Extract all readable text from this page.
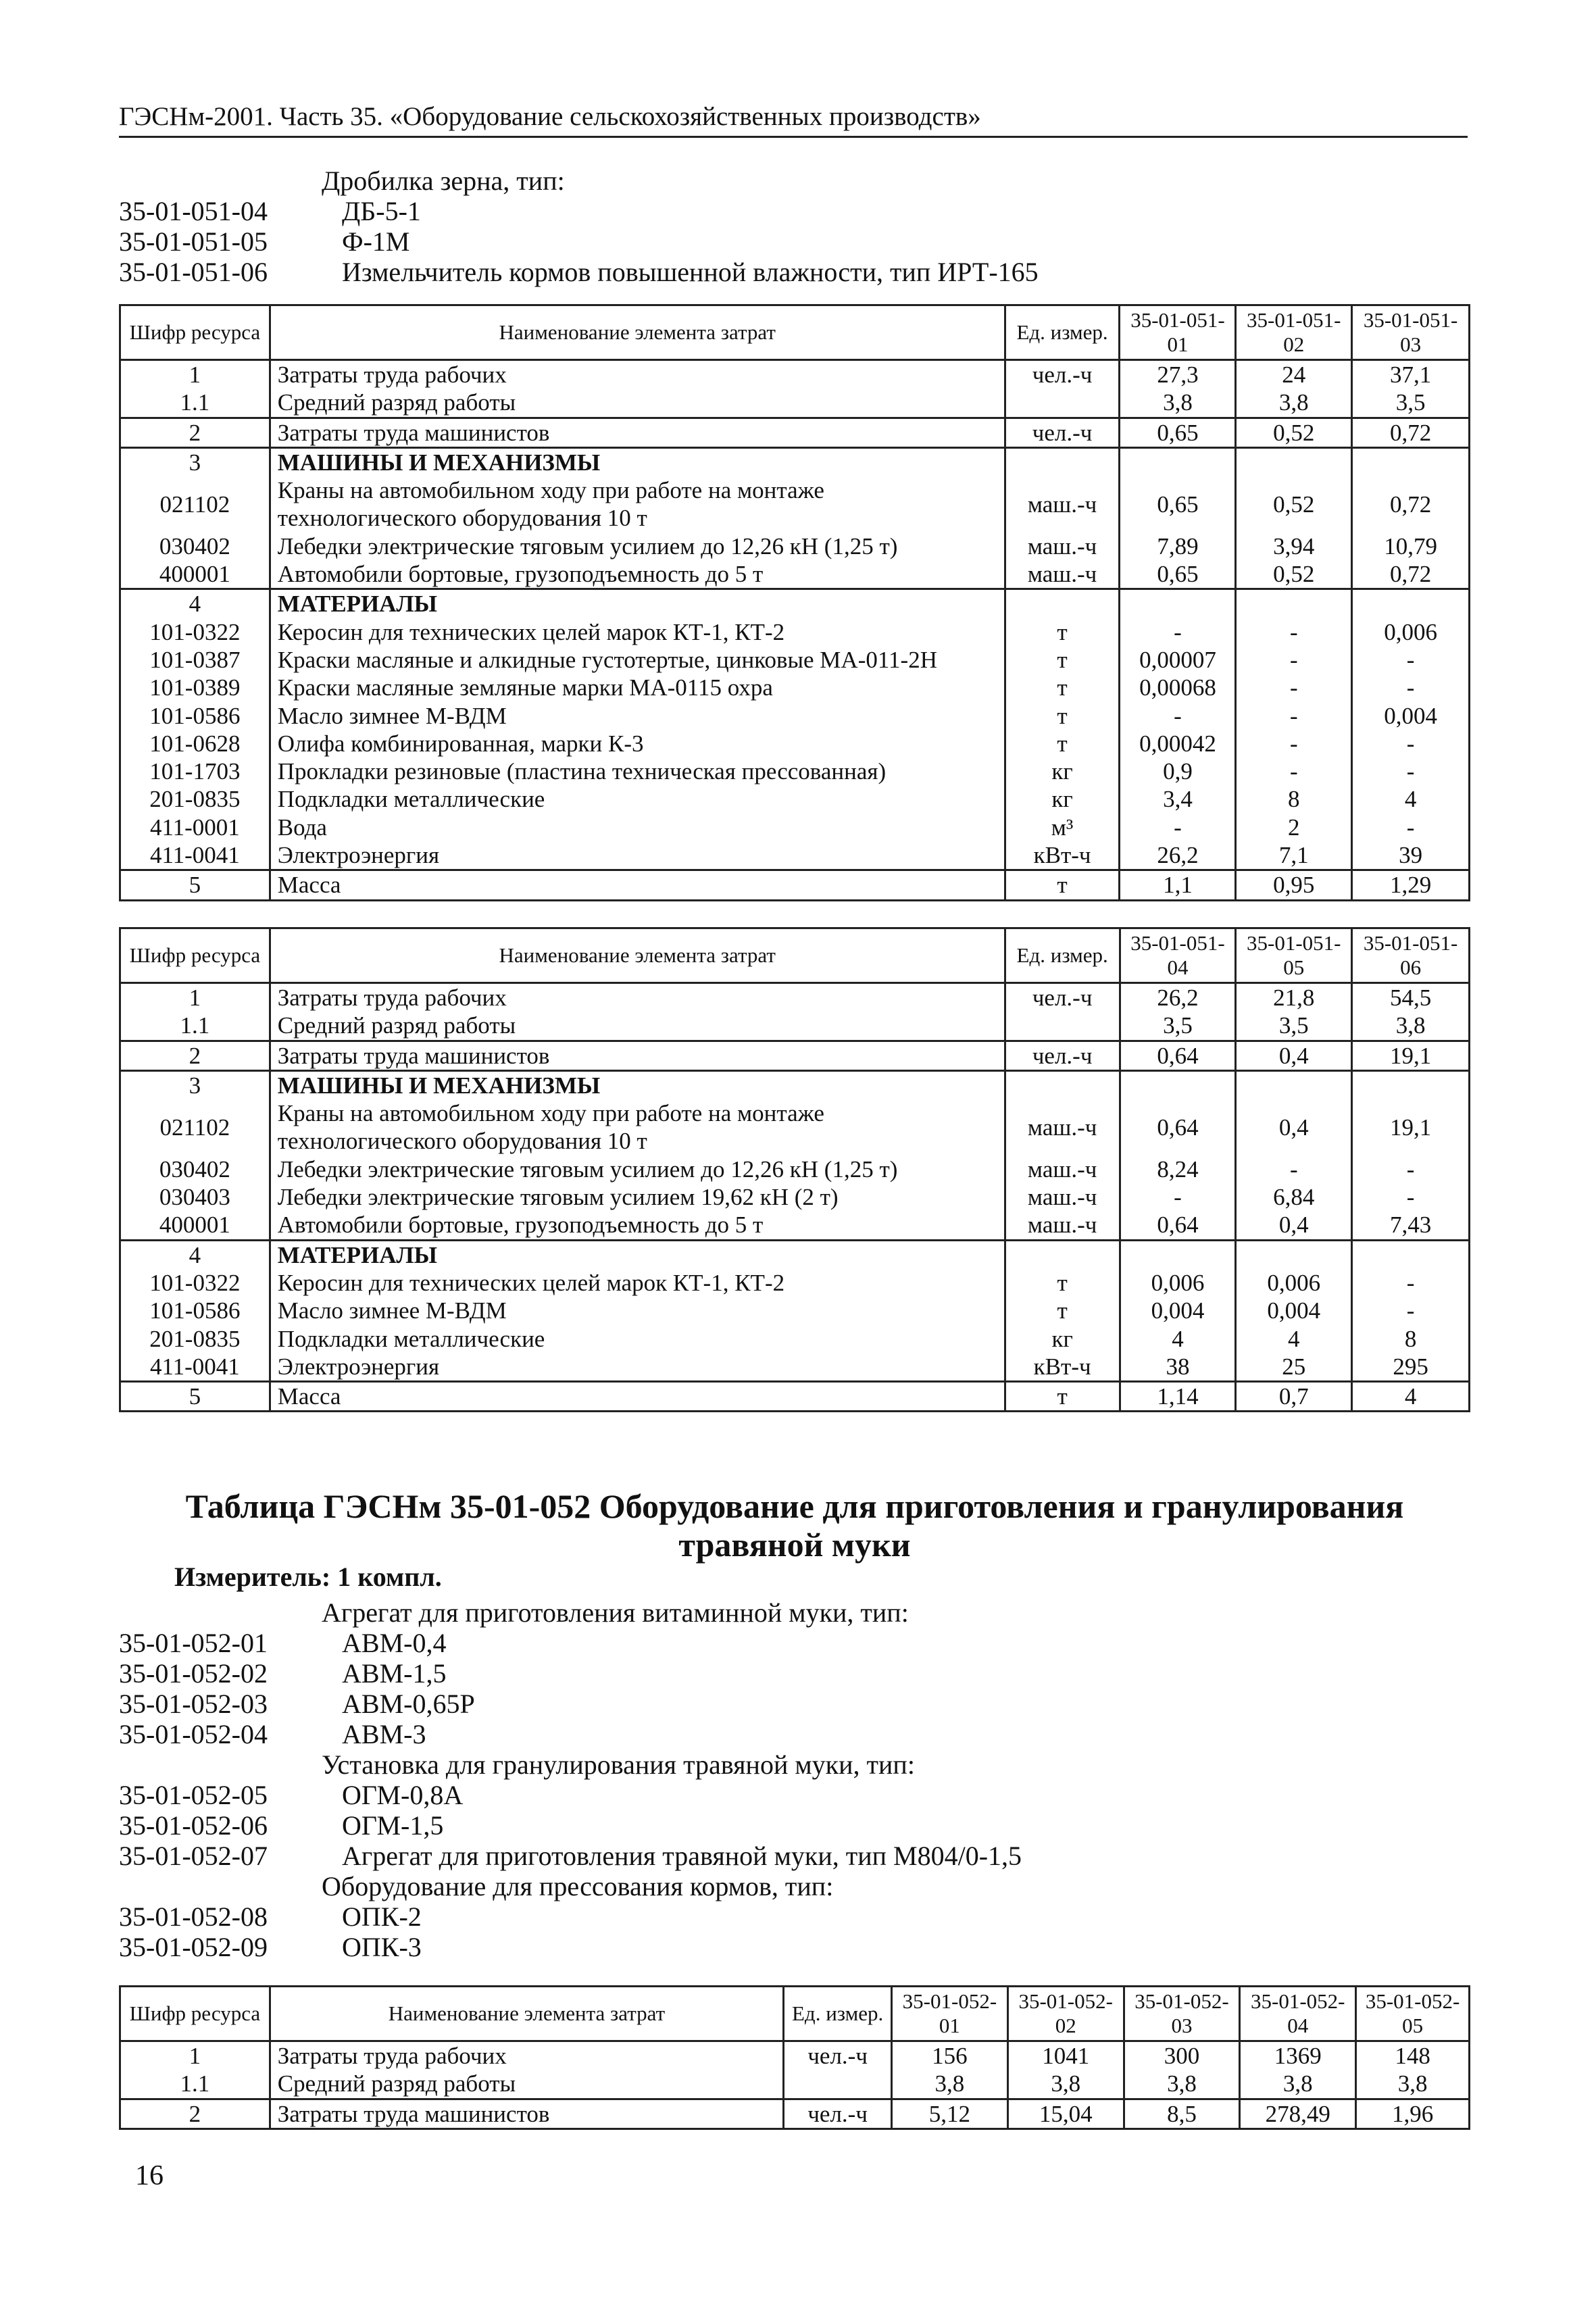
ГЭСНм-2001. Часть 35. «Оборудование сельскохозяйственных производств»
Дробилка зерна, тип:
35-01-051-04	ДБ-5-1
35-01-051-05	Ф-1М
35-01-051-06	Измельчитель кормов повышенной влажности, тип ИРТ-165
Шифр ресурса	Наименование элемента затрат	Ед. измер.	35-01-051-01	35-01-051-02	35-01-051-03
1	Затраты труда рабочих	чел.-ч	27,3	24	37,1
1.1	Средний разряд работы		3,8	3,8	3,5
2	Затраты труда машинистов	чел.-ч	0,65	0,52	0,72
3	МАШИНЫ И МЕХАНИЗМЫ				
021102	Краны на автомобильном ходу при работе на монтаже технологического оборудования 10 т	маш.-ч	0,65	0,52	0,72
030402	Лебедки электрические тяговым усилием до 12,26 кН (1,25 т)	маш.-ч	7,89	3,94	10,79
400001	Автомобили бортовые, грузоподъемность до 5 т	маш.-ч	0,65	0,52	0,72
4	МАТЕРИАЛЫ				
101-0322	Керосин для технических целей марок КТ-1, КТ-2	т	-	-	0,006
101-0387	Краски масляные и алкидные густотертые, цинковые МА-011-2Н	т	0,00007	-	-
101-0389	Краски масляные земляные марки МА-0115 охра	т	0,00068	-	-
101-0586	Масло зимнее М-ВДМ	т	-	-	0,004
101-0628	Олифа комбинированная, марки К-3	т	0,00042	-	-
101-1703	Прокладки резиновые (пластина техническая прессованная)	кг	0,9	-	-
201-0835	Подкладки металлические	кг	3,4	8	4
411-0001	Вода	м³	-	2	-
411-0041	Электроэнергия	кВт-ч	26,2	7,1	39
5	Масса	т	1,1	0,95	1,29
Шифр ресурса	Наименование элемента затрат	Ед. измер.	35-01-051-04	35-01-051-05	35-01-051-06
1	Затраты труда рабочих	чел.-ч	26,2	21,8	54,5
1.1	Средний разряд работы		3,5	3,5	3,8
2	Затраты труда машинистов	чел.-ч	0,64	0,4	19,1
3	МАШИНЫ И МЕХАНИЗМЫ				
021102	Краны на автомобильном ходу при работе на монтаже технологического оборудования 10 т	маш.-ч	0,64	0,4	19,1
030402	Лебедки электрические тяговым усилием до 12,26 кН (1,25 т)	маш.-ч	8,24	-	-
030403	Лебедки электрические тяговым усилием 19,62 кН (2 т)	маш.-ч	-	6,84	-
400001	Автомобили бортовые, грузоподъемность до 5 т	маш.-ч	0,64	0,4	7,43
4	МАТЕРИАЛЫ				
101-0322	Керосин для технических целей марок КТ-1, КТ-2	т	0,006	0,006	-
101-0586	Масло зимнее М-ВДМ	т	0,004	0,004	-
201-0835	Подкладки металлические	кг	4	4	8
411-0041	Электроэнергия	кВт-ч	38	25	295
5	Масса	т	1,14	0,7	4
Таблица ГЭСНм 35-01-052 Оборудование для приготовления и гранулирования
травяной муки
Измеритель: 1 компл.
Агрегат для приготовления витаминной муки, тип:
35-01-052-01	АВМ-0,4
35-01-052-02	АВМ-1,5
35-01-052-03	АВМ-0,65Р
35-01-052-04	АВМ-3
Установка для гранулирования травяной муки, тип:
35-01-052-05	ОГМ-0,8А
35-01-052-06	ОГМ-1,5
35-01-052-07	Агрегат для приготовления травяной муки, тип М804/0-1,5
Оборудование для прессования кормов, тип:
35-01-052-08	ОПК-2
35-01-052-09	ОПК-3
Шифр ресурса	Наименование элемента затрат	Ед. измер.	35-01-052-01	35-01-052-02	35-01-052-03	35-01-052-04	35-01-052-05
1	Затраты труда рабочих	чел.-ч	156	1041	300	1369	148
1.1	Средний разряд работы		3,8	3,8	3,8	3,8	3,8
2	Затраты труда машинистов	чел.-ч	5,12	15,04	8,5	278,49	1,96
16
